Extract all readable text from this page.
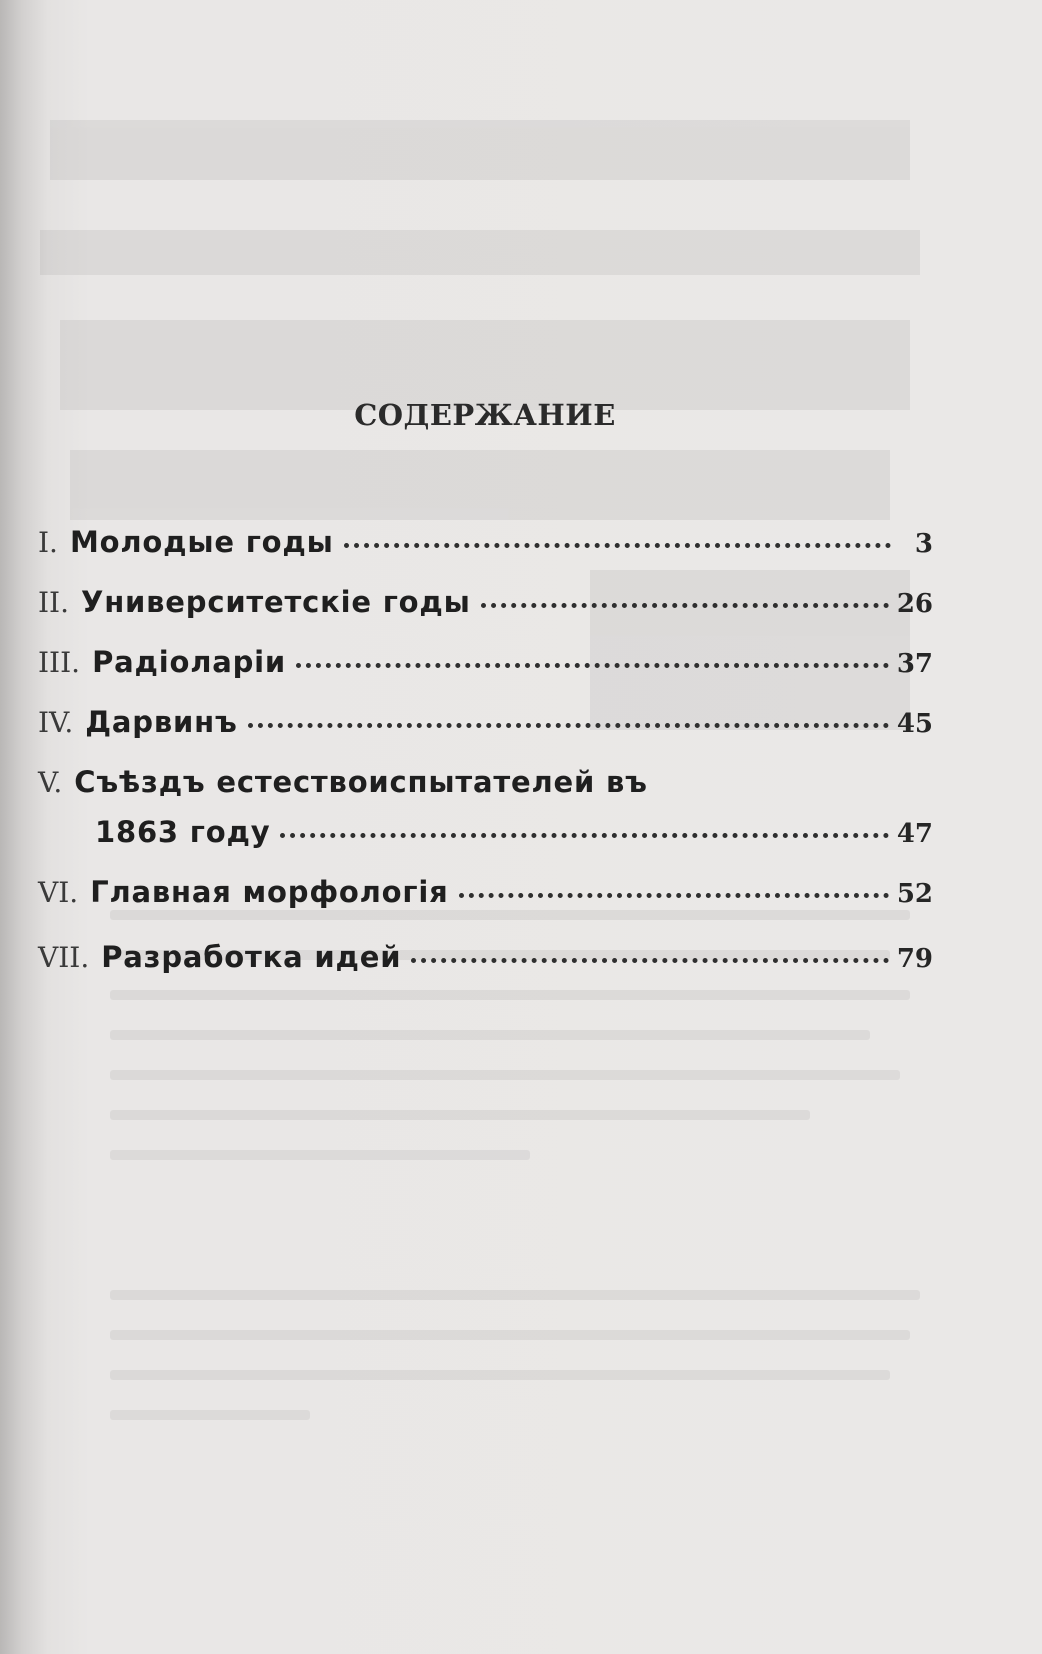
СОДЕРЖАНИЕ
I. Молодые годы	3
II. Университетскіе годы	26
III. Радіоларіи	37
IV. Дарвинъ	45
V. Съѣздъ естествоиспытателей въ
1863 году	47
VI. Главная морфологія	52
VII. Разработка идей	79
